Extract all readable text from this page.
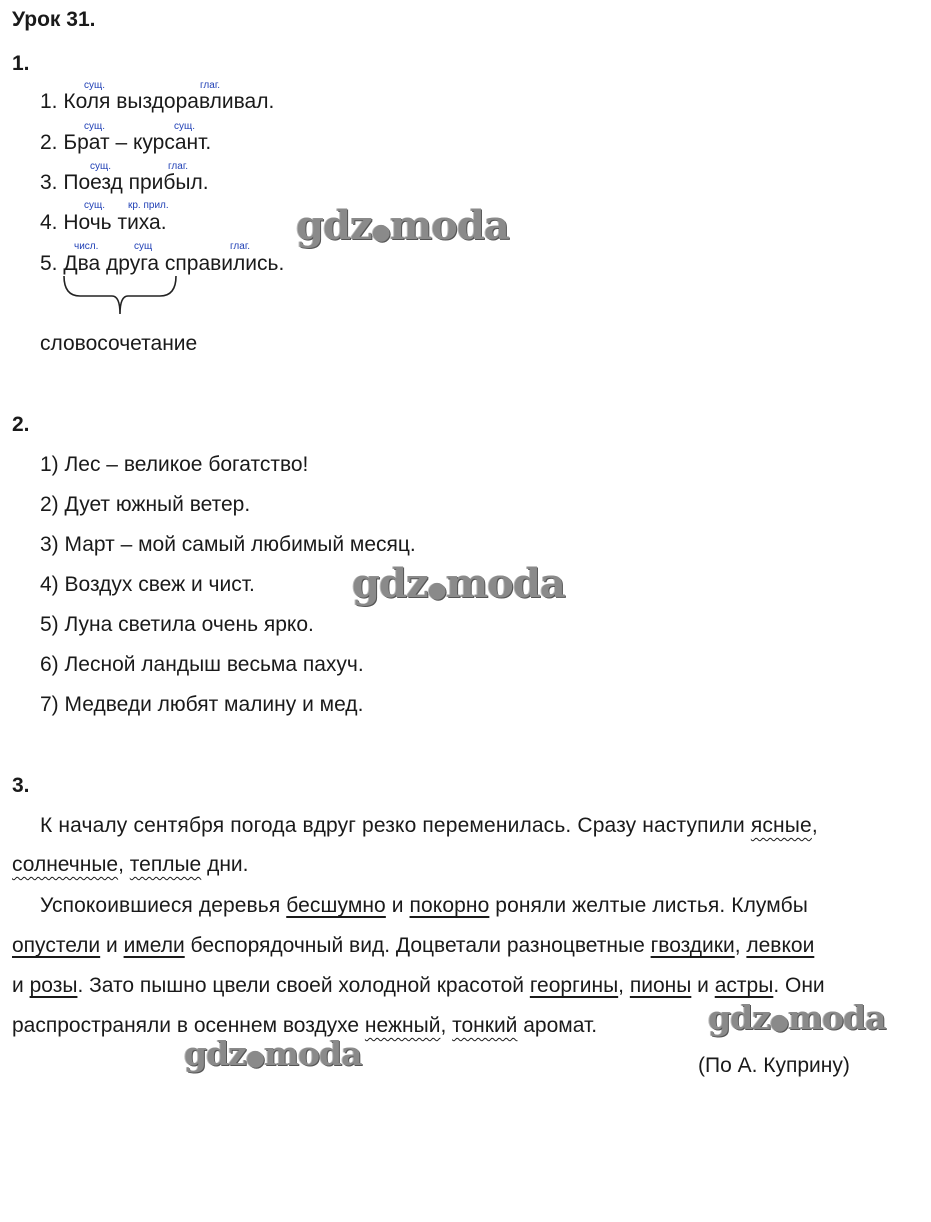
Урок 31.
1.
сущ.	глаг.
1. Коля выздоравливал.
сущ.	сущ.
2. Брат – курсант.
сущ.	глаг.
3. Поезд прибыл.
сущ. кр. прил.
4. Ночь тиха.
числ.	сущ	глаг.
5. Два друга справились.
словосочетание
2.
1) Лес – великое богатство!
2) Дует южный ветер.
3) Март – мой самый любимый месяц.
4) Воздух свеж и чист.
5) Луна светила очень ярко.
6) Лесной ландыш весьма пахуч.
7) Медведи любят малину и мед.
3.
К началу сентября погода вдруг резко переменилась. Сразу наступили ясные,
солнечные, теплые дни.
Успокоившиеся деревья бесшумно и покорно роняли желтые листья. Клумбы
опустели и имели беспорядочный вид. Доцветали разноцветные гвоздики, левкои
и розы. Зато пышно цвели своей холодной красотой георгины, пионы и астры. Они
распространяли в осеннем воздухе нежный, тонкий аромат.
(По А. Куприну)
gdz●moda
gdz●moda
gdz●moda
gdz●moda
